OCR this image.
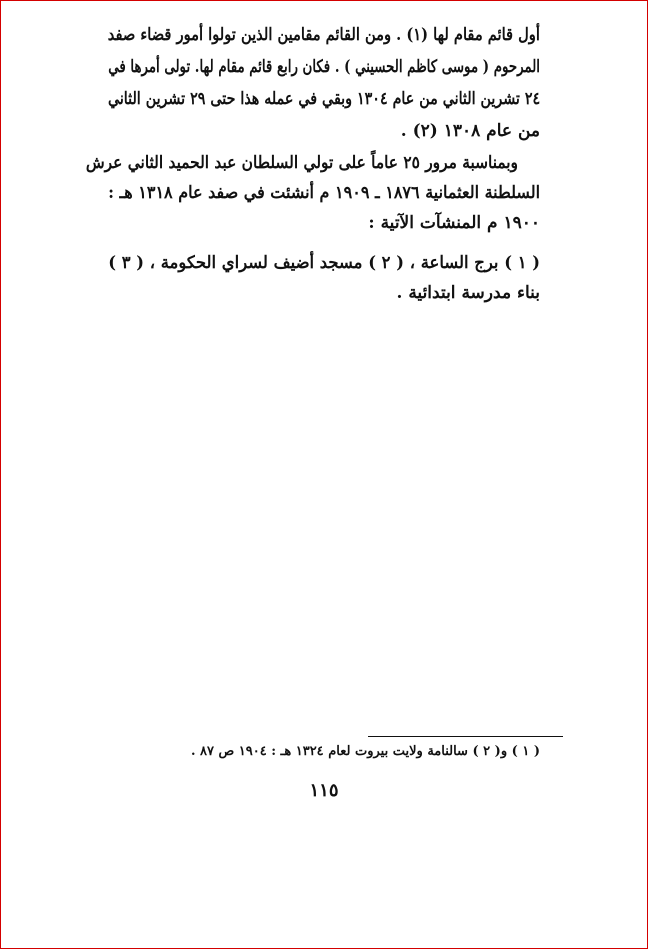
أول قائم مقام لها (١) . ومن القائم مقامين الذين تولوا أمور قضاء صفد
المرحوم ( موسى كاظم الحسيني ) . فكان رابع قائم مقام لها. تولى أمرها في
٢٤ تشرين الثاني من عام ١٣٠٤ وبقي في عمله هذا حتى ٢٩ تشرين الثاني
من عام ١٣٠٨ (٢) .
وبمناسبة مرور ٢٥ عاماً على تولي السلطان عبد الحميد الثاني عرش
السلطنة العثمانية ١٨٧٦ ـ ١٩٠٩ م أنشئت في صفد عام ١٣١٨ هـ :
١٩٠٠ م المنشآت الآتية :
( ١ ) برج الساعة ، ( ٢ ) مسجد أضيف لسراي الحكومة ، ( ٣ )
بناء مدرسة ابتدائية .
( ١ ) و( ٢ ) سالنامة ولايت بيروت لعام ١٣٢٤ هـ : ١٩٠٤ ص ٨٧ .
١١٥
